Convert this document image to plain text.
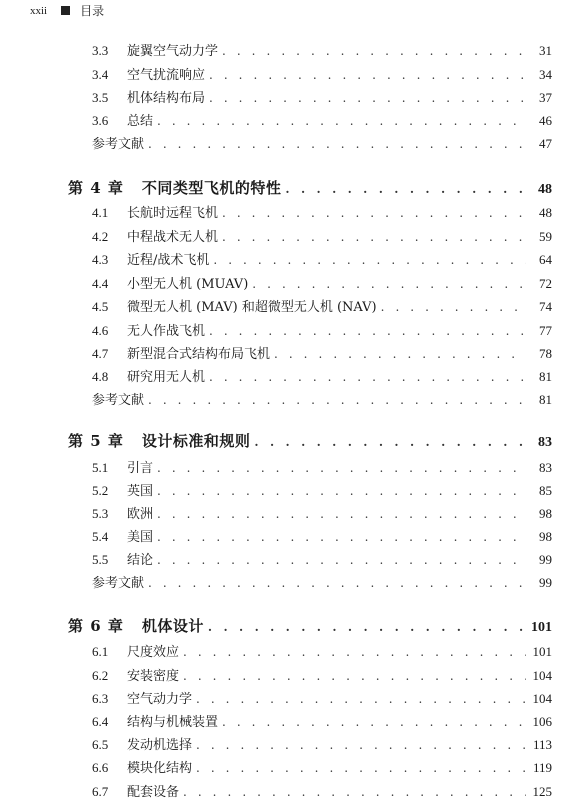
xxii	目录
3.3	旋翼空气动力学 . . .	31
3.4	空气扰流响应 . . .	34
3.5	机体结构布局 . . .	37
3.6	总结 . . .	46
参考文献 . . .	47
第 4 章 不同类型飞机的特性 . . .	48
4.1	长航时远程飞机 . . .	48
4.2	中程战术无人机 . . .	59
4.3	近程/战术飞机 . . .	64
4.4	小型无人机 (MUAV) . . .	72
4.5	微型无人机 (MAV) 和超微型无人机 (NAV) . . .	74
4.6	无人作战飞机 . . .	77
4.7	新型混合式结构布局飞机 . . .	78
4.8	研究用无人机 . . .	81
参考文献 . . .	81
第 5 章 设计标准和规则 . . .	83
5.1	引言 . . .	83
5.2	英国 . . .	85
5.3	欧洲 . . .	98
5.4	美国 . . .	98
5.5	结论 . . .	99
参考文献 . . .	99
第 6 章 机体设计 . . .	101
6.1	尺度效应 . . .	101
6.2	安装密度 . . .	104
6.3	空气动力学 . . .	104
6.4	结构与机械装置 . . .	106
6.5	发动机选择 . . .	113
6.6	模块化结构 . . .	119
6.7	配套设备 . . .	125
